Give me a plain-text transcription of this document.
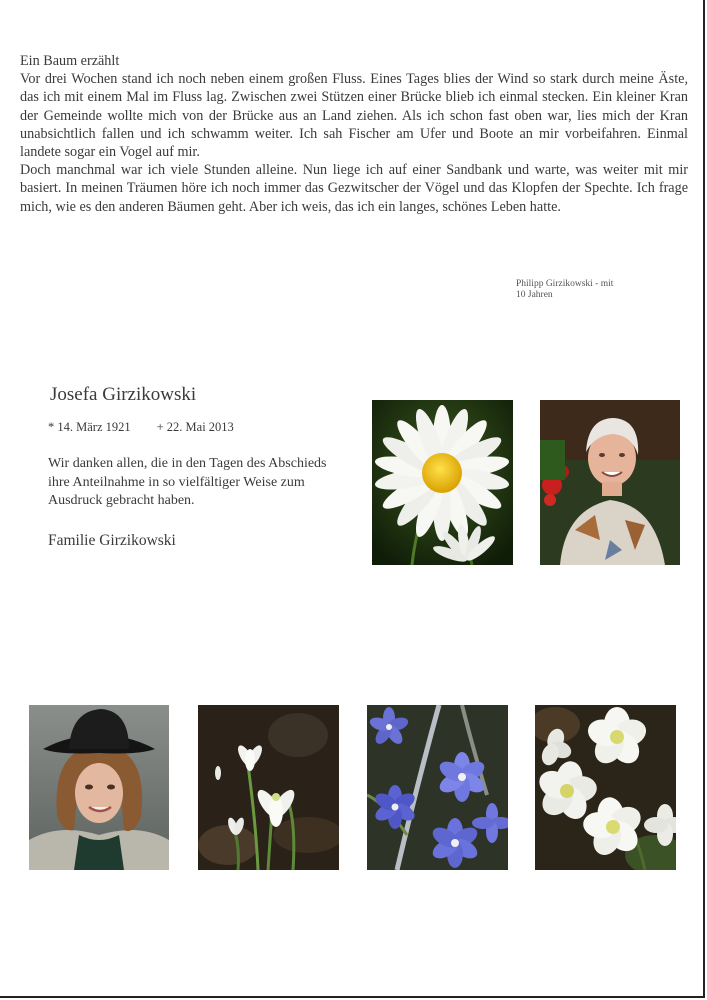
Ein Baum erzählt

Vor drei Wochen stand ich noch neben einem großen Fluss. Eines Tages blies der Wind so stark durch meine Äste, das ich mit einem Mal im Fluss lag. Zwischen zwei Stützen einer Brücke blieb ich einmal stecken. Ein kleiner Kran der Gemeinde wollte mich von der Brücke aus an Land ziehen. Als ich schon fast oben war, lies mich der Kran unabsichtlich fallen und ich schwamm weiter. Ich sah Fischer am Ufer und Boote an mir vorbeifahren. Einmal landete sogar ein Vogel auf mir.

Doch manchmal war ich viele Stunden alleine. Nun liege ich auf einer Sandbank und warte, was weiter mit mir basiert. In meinen Träumen höre ich noch immer das Gezwitscher der Vögel und das Klopfen der Spechte. Ich frage mich, wie es den anderen Bäumen geht. Aber ich weis, das ich ein langes, schönes Leben hatte.

Philipp Girzikowski - mit
10 Jahren

Josefa Girzikowski

* 14. März 1921 + 22. Mai 2013

Wir danken allen, die in den Tagen des Abschieds ihre Anteilnahme in so vielfältiger Weise zum Ausdruck gebracht haben.

Familie Girzikowski
